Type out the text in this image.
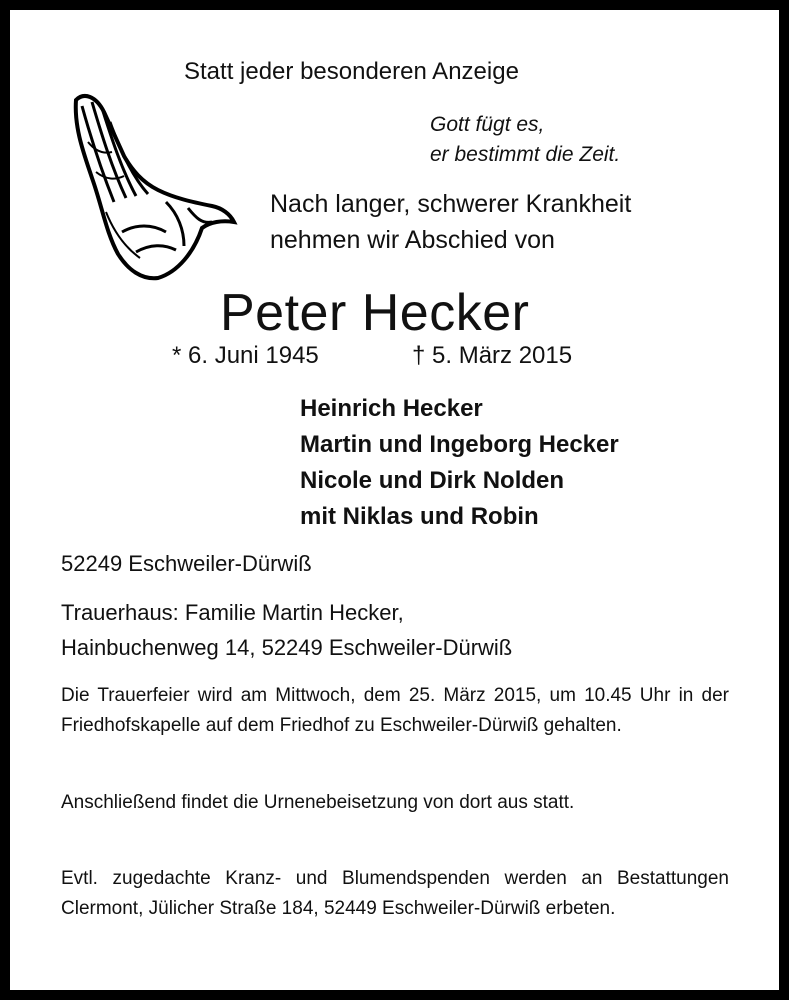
Statt jeder besonderen Anzeige
Gott fügt es,
er bestimmt die Zeit.
Nach langer, schwerer Krankheit
nehmen wir Abschied von
Peter Hecker
* 6. Juni 1945	† 5. März 2015
Heinrich Hecker
Martin und Ingeborg Hecker
Nicole und Dirk Nolden
mit Niklas und Robin
52249 Eschweiler-Dürwiß
Trauerhaus: Familie Martin Hecker,
Hainbuchenweg 14, 52249 Eschweiler-Dürwiß
Die Trauerfeier wird am Mittwoch, dem 25. März 2015, um 10.45 Uhr in der Friedhofskapelle auf dem Friedhof zu Eschweiler-Dürwiß gehalten.
Anschließend findet die Urnenebeisetzung von dort aus statt.
Evtl. zugedachte Kranz- und Blumendspenden werden an Bestattungen Clermont, Jülicher Straße 184, 52449 Eschweiler-Dürwiß erbeten.
